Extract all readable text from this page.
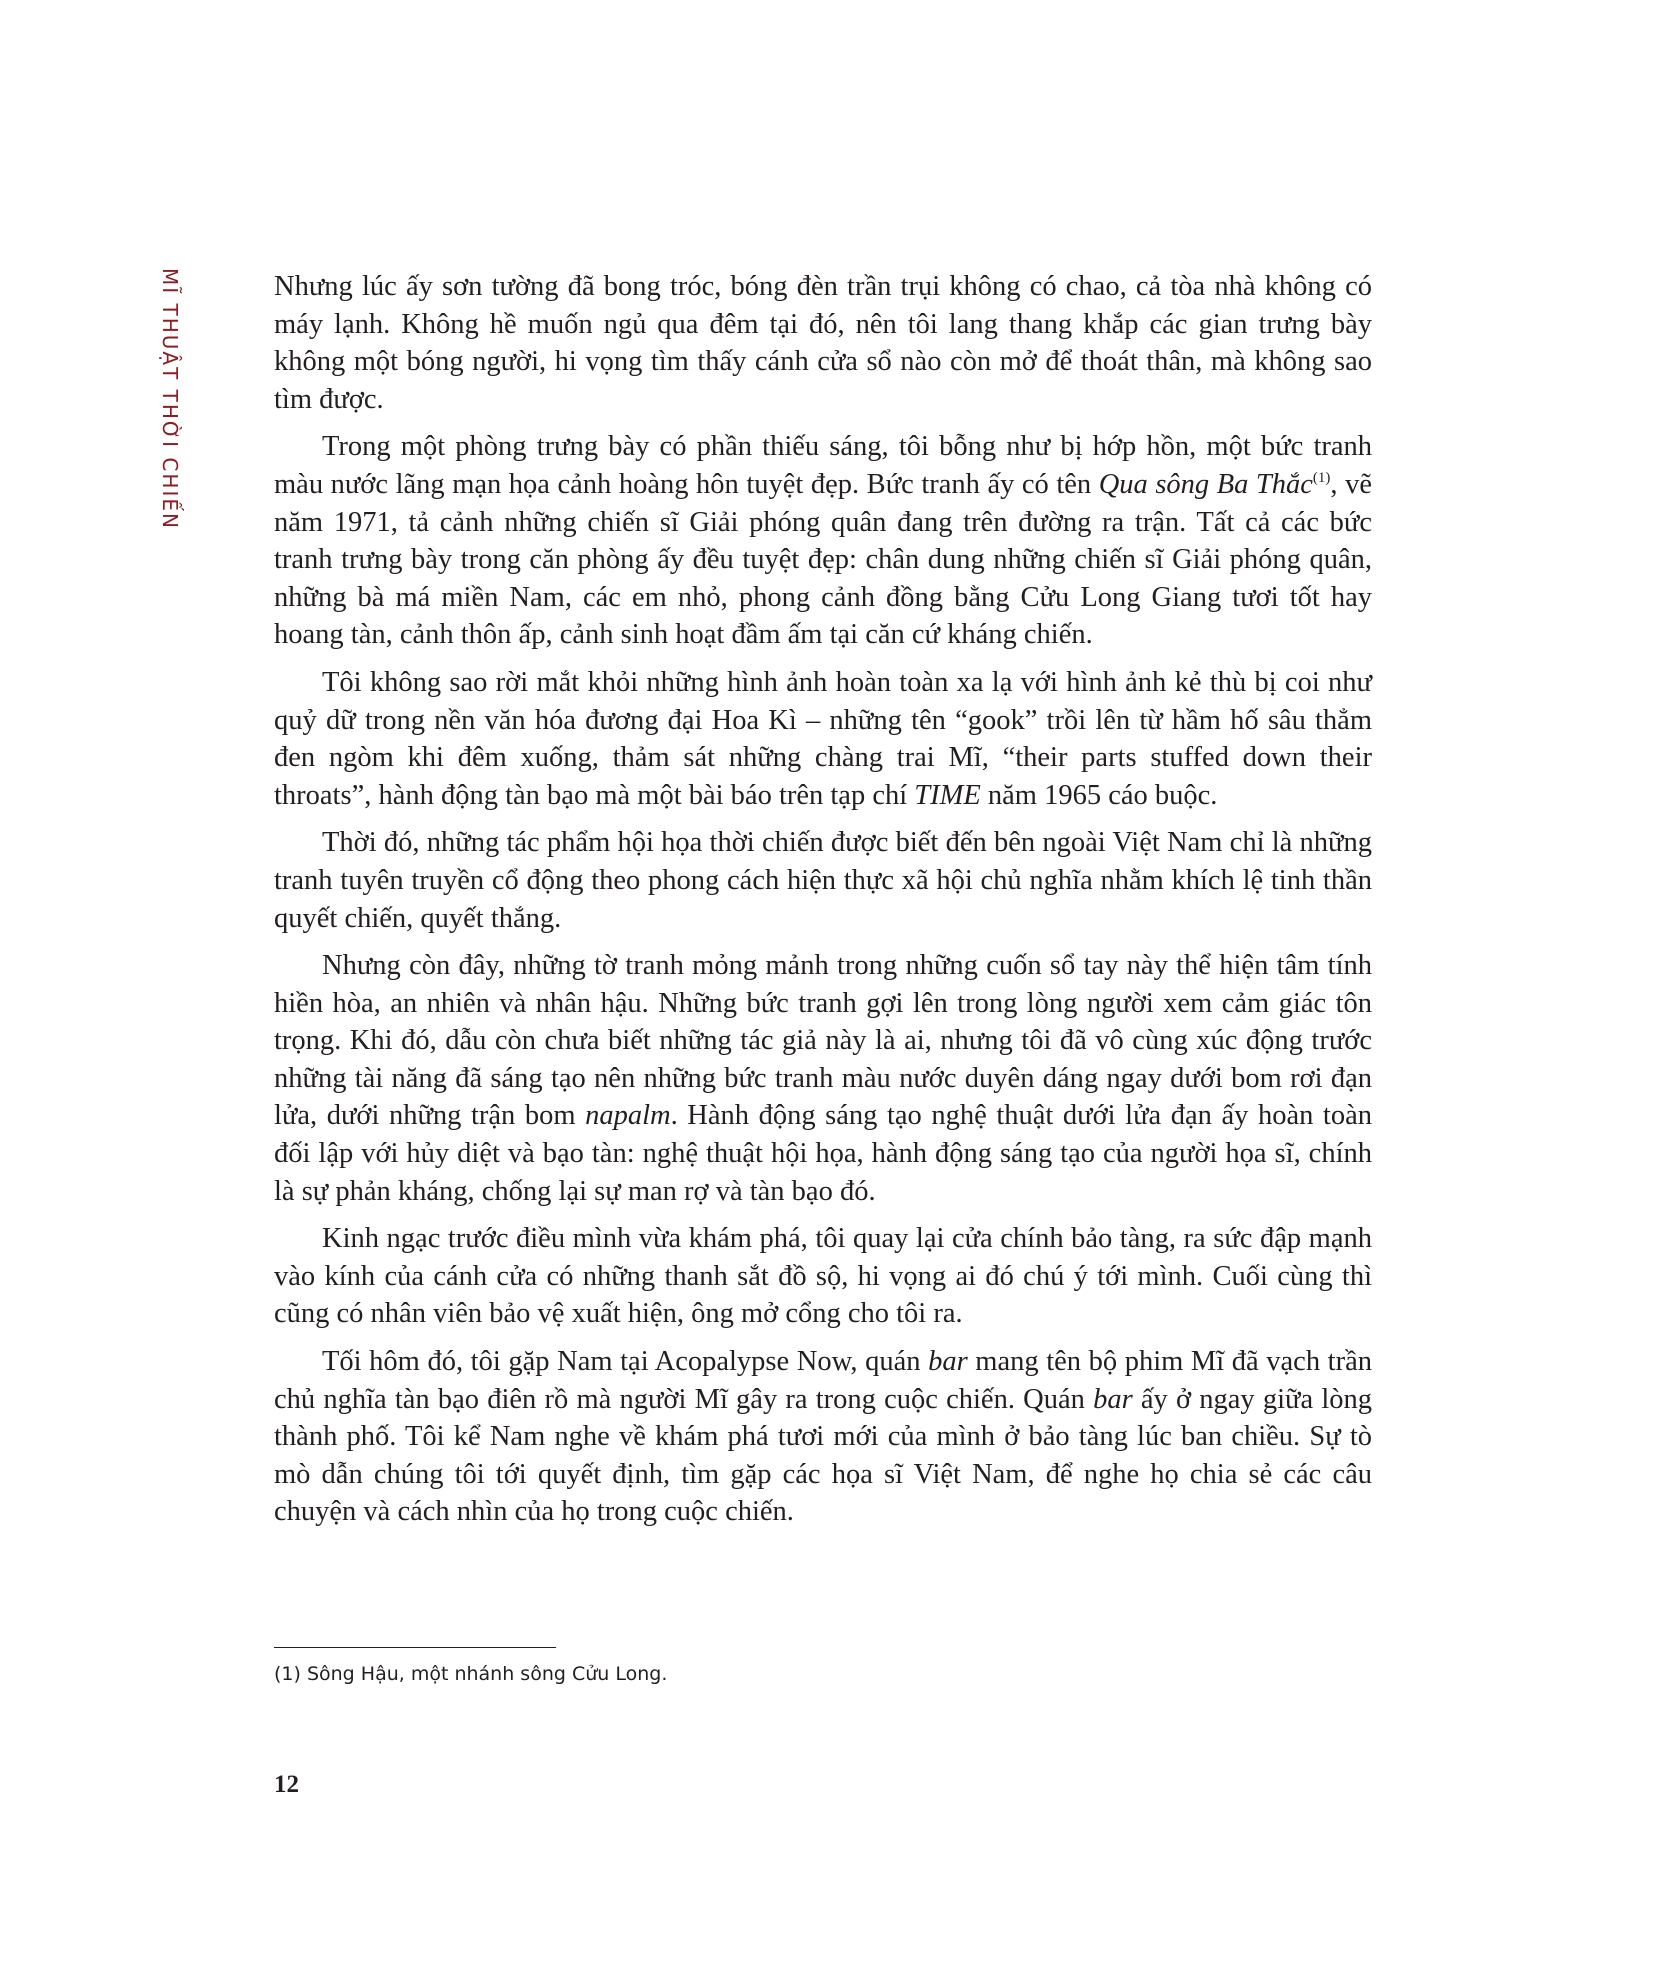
MĨ THUẬT THỜI CHIẾN	Nhưng lúc ấy sơn tường đã bong tróc, bóng đèn trần trụi không có chao, cả tòa nhà không có máy lạnh. Không hề muốn ngủ qua đêm tại đó, nên tôi lang thang khắp các gian trưng bày không một bóng người, hi vọng tìm thấy cánh cửa sổ nào còn mở để thoát thân, mà không sao tìm được.

Trong một phòng trưng bày có phần thiếu sáng, tôi bỗng như bị hớp hồn, một bức tranh màu nước lãng mạn họa cảnh hoàng hôn tuyệt đẹp. Bức tranh ấy có tên Qua sông Ba Thắc$^{(1)}$, vẽ năm 1971, tả cảnh những chiến sĩ Giải phóng quân đang trên đường ra trận. Tất cả các bức tranh trưng bày trong căn phòng ấy đều tuyệt đẹp: chân dung những chiến sĩ Giải phóng quân, những bà má miền Nam, các em nhỏ, phong cảnh đồng bằng Cửu Long Giang tươi tốt hay hoang tàn, cảnh thôn ấp, cảnh sinh hoạt đầm ấm tại căn cứ kháng chiến.

Tôi không sao rời mắt khỏi những hình ảnh hoàn toàn xa lạ với hình ảnh kẻ thù bị coi như quỷ dữ trong nền văn hóa đương đại Hoa Kì – những tên “gook” trồi lên từ hầm hố sâu thẳm đen ngòm khi đêm xuống, thảm sát những chàng trai Mĩ, “their parts stuffed down their throats”, hành động tàn bạo mà một bài báo trên tạp chí TIME năm 1965 cáo buộc.

Thời đó, những tác phẩm hội họa thời chiến được biết đến bên ngoài Việt Nam chỉ là những tranh tuyên truyền cổ động theo phong cách hiện thực xã hội chủ nghĩa nhằm khích lệ tinh thần quyết chiến, quyết thắng.

Nhưng còn đây, những tờ tranh mỏng mảnh trong những cuốn sổ tay này thể hiện tâm tính hiền hòa, an nhiên và nhân hậu. Những bức tranh gợi lên trong lòng người xem cảm giác tôn trọng. Khi đó, dẫu còn chưa biết những tác giả này là ai, nhưng tôi đã vô cùng xúc động trước những tài năng đã sáng tạo nên những bức tranh màu nước duyên dáng ngay dưới bom rơi đạn lửa, dưới những trận bom napalm. Hành động sáng tạo nghệ thuật dưới lửa đạn ấy hoàn toàn đối lập với hủy diệt và bạo tàn: nghệ thuật hội họa, hành động sáng tạo của người họa sĩ, chính là sự phản kháng, chống lại sự man rợ và tàn bạo đó.

Kinh ngạc trước điều mình vừa khám phá, tôi quay lại cửa chính bảo tàng, ra sức đập mạnh vào kính của cánh cửa có những thanh sắt đồ sộ, hi vọng ai đó chú ý tới mình. Cuối cùng thì cũng có nhân viên bảo vệ xuất hiện, ông mở cổng cho tôi ra.

Tối hôm đó, tôi gặp Nam tại Acopalypse Now, quán bar mang tên bộ phim Mĩ đã vạch trần chủ nghĩa tàn bạo điên rồ mà người Mĩ gây ra trong cuộc chiến. Quán bar ấy ở ngay giữa lòng thành phố. Tôi kể Nam nghe về khám phá tươi mới của mình ở bảo tàng lúc ban chiều. Sự tò mò dẫn chúng tôi tới quyết định, tìm gặp các họa sĩ Việt Nam, để nghe họ chia sẻ các câu chuyện và cách nhìn của họ trong cuộc chiến.

(1) Sông Hậu, một nhánh sông Cửu Long.
12
